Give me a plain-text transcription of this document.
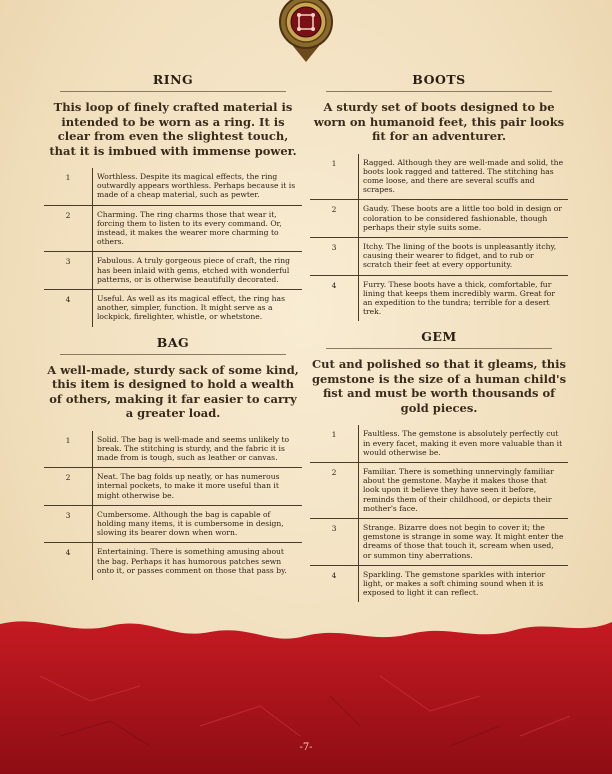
RING

This loop of finely crafted material is intended to be worn as a ring. It is clear from even the slightest touch, that it is imbued with immense power.

1	Worthless. Despite its magical effects, the ring outwardly appears worthless. Perhaps because it is made of a cheap material, such as pewter.
2	Charming. The ring charms those that wear it, forcing them to listen to its every command. Or, instead, it makes the wearer more charming to others.
3	Fabulous. A truly gorgeous piece of craft, the ring has been inlaid with gems, etched with wonderful patterns, or is otherwise beautifully decorated.
4	Useful. As well as its magical effect, the ring has another, simpler, function. It might serve as a lockpick, firelighter, whistle, or whetstone.
BAG

A well-made, sturdy sack of some kind, this item is designed to hold a wealth of others, making it far easier to carry a greater load.

1	Solid. The bag is well-made and seems unlikely to break. The stitching is sturdy, and the fabric it is made from is tough, such as leather or canvas.
2	Neat. The bag folds up neatly, or has numerous internal pockets, to make it more useful than it might otherwise be.
3	Cumbersome. Although the bag is capable of holding many items, it is cumbersome in design, slowing its bearer down when worn.
4	Entertaining. There is something amusing about the bag. Perhaps it has humorous patches sewn onto it, or passes comment on those that pass by.
BOOTS

A sturdy set of boots designed to be worn on humanoid feet, this pair looks fit for an adventurer.

1	Ragged. Although they are well-made and solid, the boots look ragged and tattered. The stitching has come loose, and there are several scuffs and scrapes.
2	Gaudy. These boots are a little too bold in design or coloration to be considered fashionable, though perhaps their style suits some.
3	Itchy. The lining of the boots is unpleasantly itchy, causing their wearer to fidget, and to rub or scratch their feet at every opportunity.
4	Furry. These boots have a thick, comfortable, fur lining that keeps them incredibly warm. Great for an expedition to the tundra; terrible for a desert trek.
GEM

Cut and polished so that it gleams, this gemstone is the size of a human child's fist and must be worth thousands of gold pieces.

1	Faultless. The gemstone is absolutely perfectly cut in every facet, making it even more valuable than it would otherwise be.
2	Familiar. There is something unnervingly familiar about the gemstone. Maybe it makes those that look upon it believe they have seen it before, reminds them of their childhood, or depicts their mother's face.
3	Strange. Bizarre does not begin to cover it; the gemstone is strange in some way. It might enter the dreams of those that touch it, scream when used, or summon tiny aberrations.
4	Sparkling. The gemstone sparkles with interior light, or makes a soft chiming sound when it is exposed to light it can reflect.
-7-
